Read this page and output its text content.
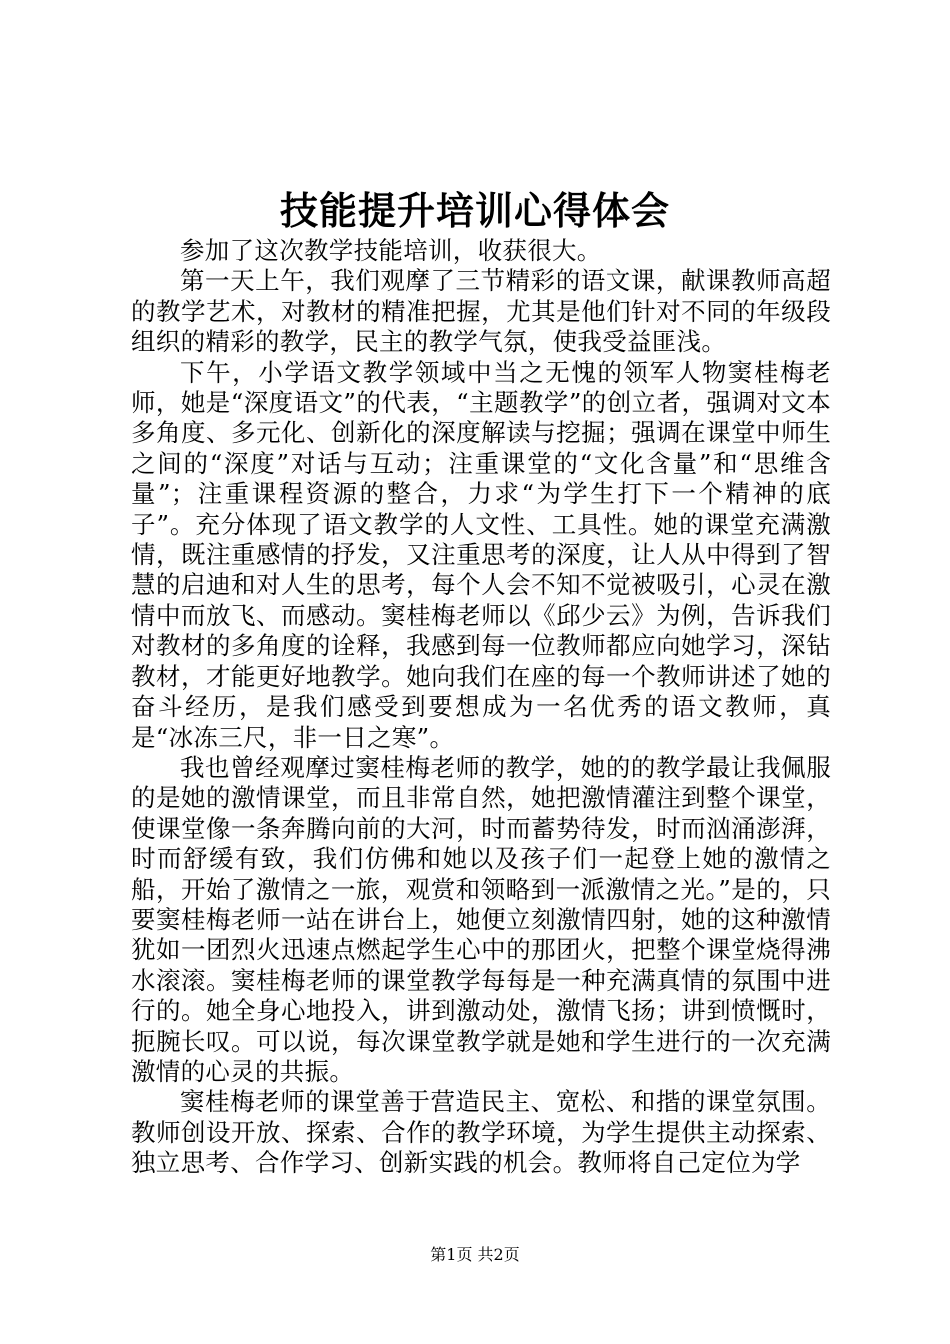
技能提升培训心得体会

参加了这次教学技能培训，收获很大。

第一天上午，我们观摩了三节精彩的语文课，献课教师高超的教学艺术，对教材的精准把握，尤其是他们针对不同的年级段组织的精彩的教学，民主的教学气氛，使我受益匪浅。

下午，小学语文教学领域中当之无愧的领军人物窦桂梅老师，她是“深度语文”的代表，“主题教学”的创立者，强调对文本多角度、多元化、创新化的深度解读与挖掘；强调在课堂中师生之间的“深度”对话与互动；注重课堂的“文化含量”和“思维含量”；注重课程资源的整合，力求“为学生打下一个精神的底子”。充分体现了语文教学的人文性、工具性。她的课堂充满激情，既注重感情的抒发，又注重思考的深度，让人从中得到了智慧的启迪和对人生的思考，每个人会不知不觉被吸引，心灵在激情中而放飞、而感动。窦桂梅老师以《邱少云》为例，告诉我们对教材的多角度的诠释，我感到每一位教师都应向她学习，深钻教材，才能更好地教学。她向我们在座的每一个教师讲述了她的奋斗经历，是我们感受到要想成为一名优秀的语文教师，真是“冰冻三尺，非一日之寒”。

我也曾经观摩过窦桂梅老师的教学，她的的教学最让我佩服的是她的激情课堂，而且非常自然，她把激情灌注到整个课堂，使课堂像一条奔腾向前的大河，时而蓄势待发，时而汹涌澎湃，时而舒缓有致，我们仿佛和她以及孩子们一起登上她的激情之船，开始了激情之一旅，观赏和领略到一派激情之光。”是的，只要窦桂梅老师一站在讲台上，她便立刻激情四射，她的这种激情犹如一团烈火迅速点燃起学生心中的那团火，把整个课堂烧得沸水滚滚。窦桂梅老师的课堂教学每每是一种充满真情的氛围中进行的。她全身心地投入，讲到激动处，激情飞扬；讲到愤慨时，扼腕长叹。可以说，每次课堂教学就是她和学生进行的一次充满激情的心灵的共振。

窦桂梅老师的课堂善于营造民主、宽松、和揩的课堂氛围。教师创设开放、探索、合作的教学环境，为学生提供主动探索、独立思考、合作学习、创新实践的机会。教师将自己定位为学

第1页 共2页
